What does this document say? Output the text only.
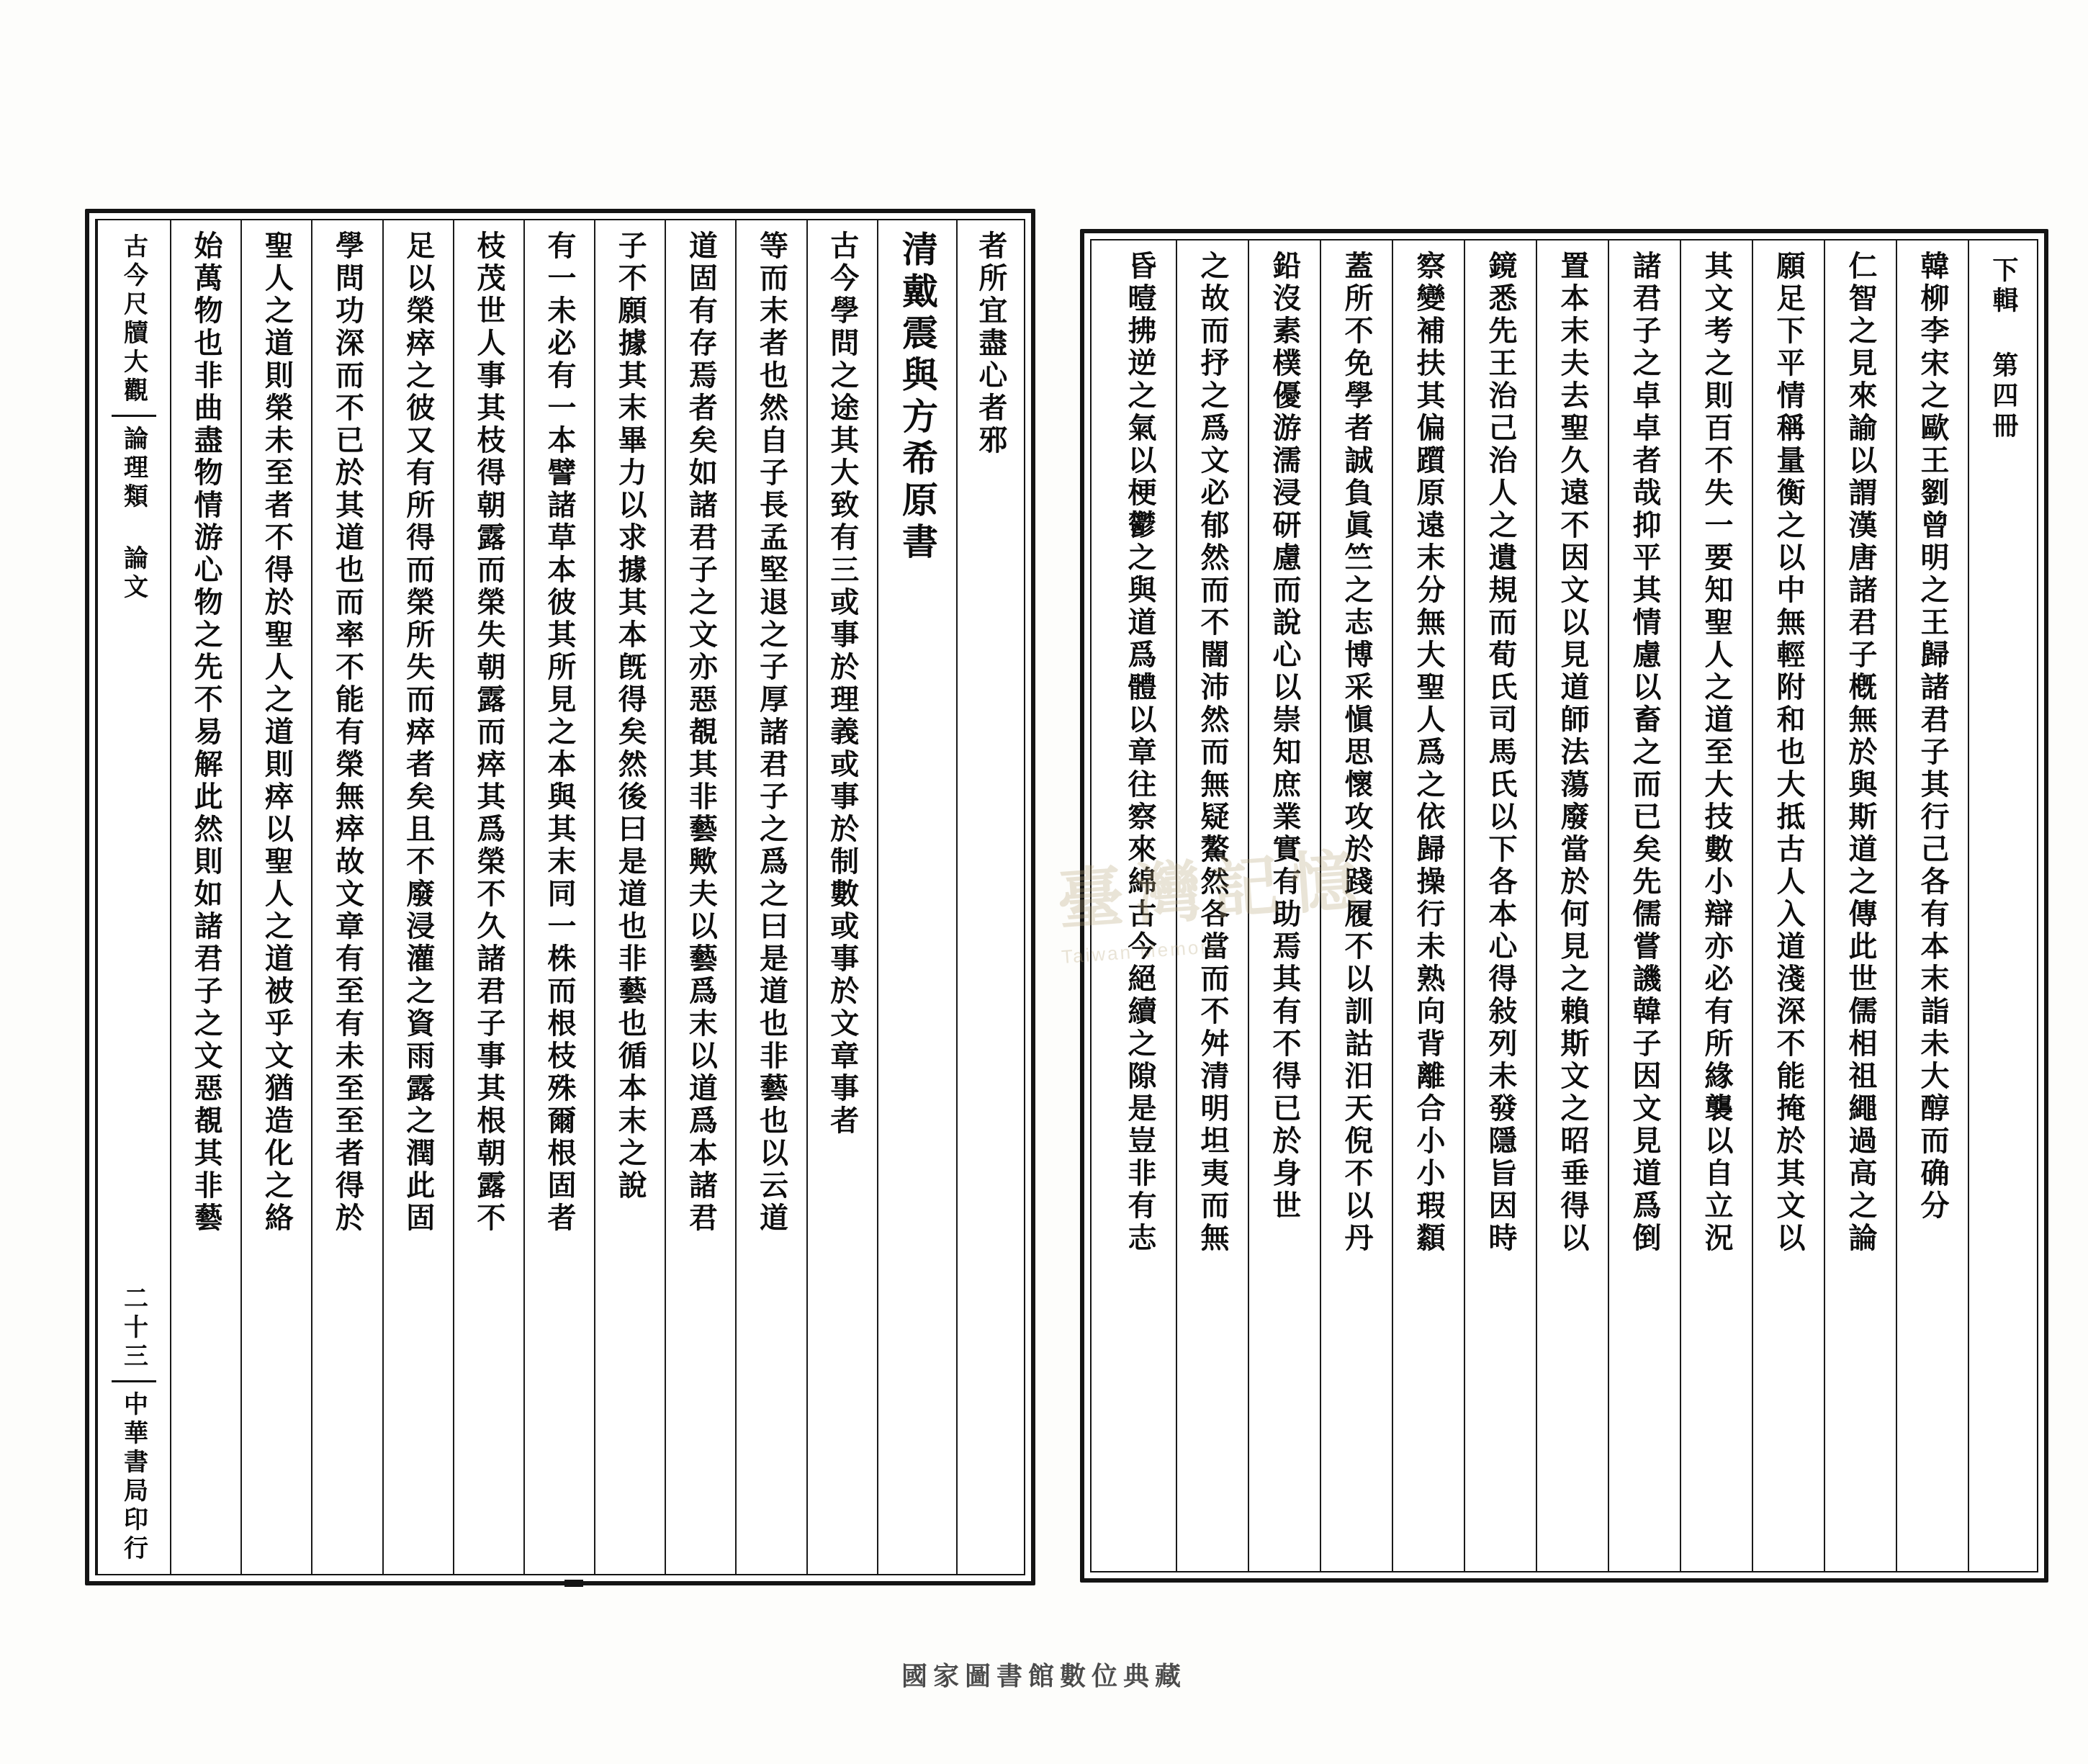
下輯 第四冊
韓柳李宋之歐王劉曾明之王歸諸君子其行己各有本末詣未大醇而确分
仁智之見來諭以謂漢唐諸君子槪無於與斯道之傳此世儒相祖繩過高之論
願足下平情稱量衡之以中無輕附和也大抵古人入道淺深不能掩於其文以
其文考之則百不失一要知聖人之道至大技數小辯亦必有所緣襲以自立況
諸君子之卓卓者哉抑平其情慮以畜之而已矣先儒嘗譏韓子因文見道爲倒
置本末夫去聖久遠不因文以見道師法蕩廢當於何見之賴斯文之昭垂得以
鏡悉先王治己治人之遺規而荀氏司馬氏以下各本心得敍列未發隱旨因時
察變補扶其偏躓原遠末分無大聖人爲之依歸操行未熟向背離合小小瑕纇
蓋所不免學者誠負眞竺之志博采愼思懷攻於踐履不以訓詁汨天倪不以丹
鉛沒素樸優游濡浸研慮而說心以崇知庶業實有助焉其有不得已於身世
之故而抒之爲文必郁然而不闇沛然而無疑鰲然各當而不舛清明坦夷而無
昏曀拂逆之氣以梗鬱之與道爲體以章往察來綿古今絕續之隙是豈非有志
者所宜盡心者邪
清戴震與方希原書
古今學問之途其大致有三或事於理義或事於制數或事於文章事者
等而末者也然自子長孟堅退之子厚諸君子之爲之曰是道也非藝也以云道
道固有存焉者矣如諸君子之文亦惡覩其非藝歟夫以藝爲末以道爲本諸君
子不願據其末畢力以求據其本旣得矣然後曰是道也非藝也循本末之說
有一未必有一本譬諸草本彼其所見之本與其末同一株而根枝殊爾根固者
枝茂世人事其枝得朝露而榮失朝露而瘁其爲榮不久諸君子事其根朝露不
足以榮瘁之彼又有所得而榮所失而瘁者矣且不廢浸灌之資雨露之潤此固
學問功深而不已於其道也而率不能有榮無瘁故文章有至有未至至者得於
聖人之道則榮未至者不得於聖人之道則瘁以聖人之道被乎文猶造化之絡
始萬物也非曲盡物情游心物之先不易解此然則如諸君子之文惡覩其非藝
古今尺牘大觀
論理類 論文
二十三
中華書局印行
臺灣記憶
Taiwan Memory
國家圖書館數位典藏
